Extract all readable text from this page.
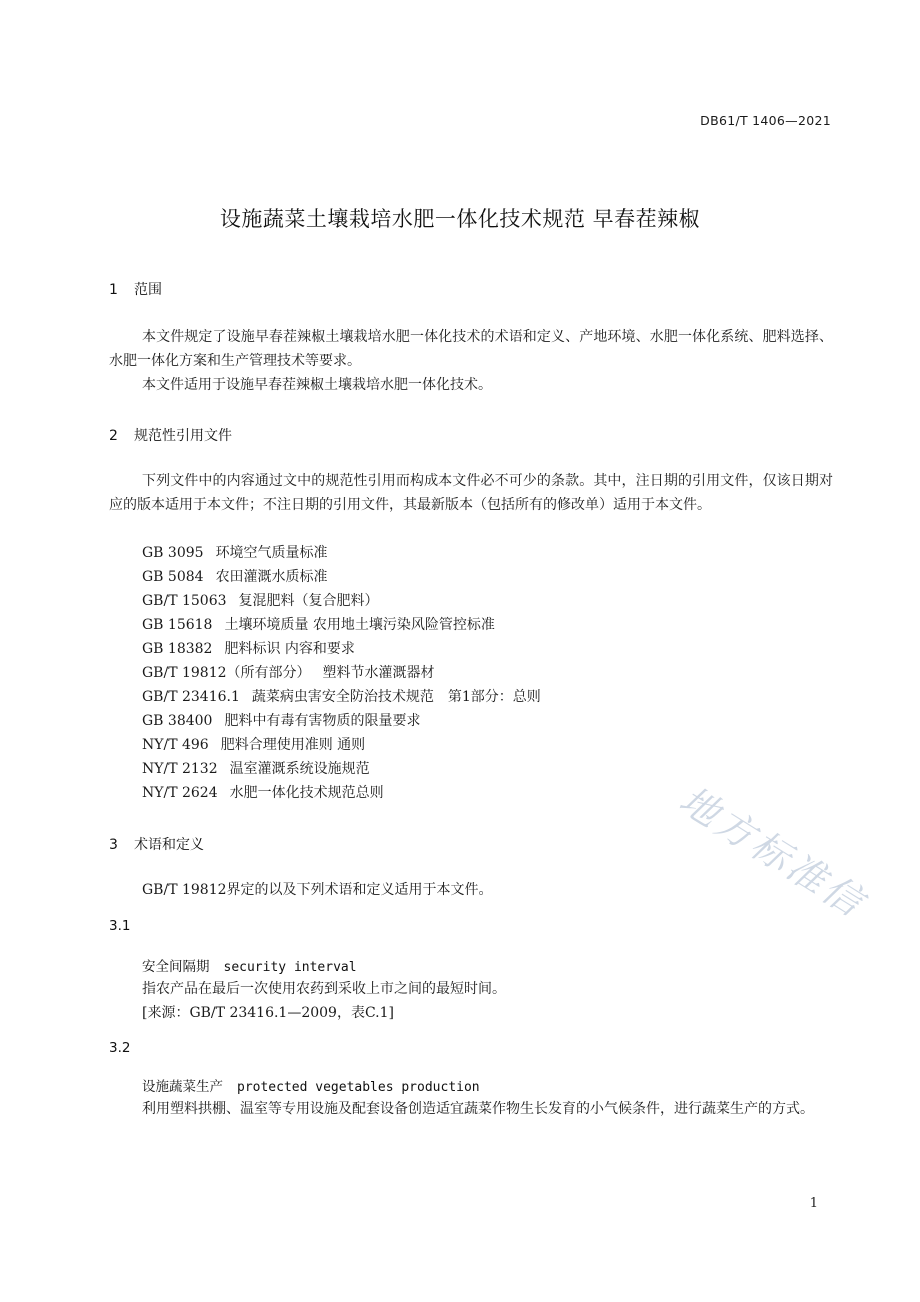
DB61/T 1406—2021
设施蔬菜土壤栽培水肥一体化技术规范 早春茬辣椒
1 范围

本文件规定了设施早春茬辣椒土壤栽培水肥一体化技术的术语和定义、产地环境、水肥一体化系统、肥料选择、水肥一体化方案和生产管理技术等要求。

本文件适用于设施早春茬辣椒土壤栽培水肥一体化技术。

2 规范性引用文件

下列文件中的内容通过文中的规范性引用而构成本文件必不可少的条款。其中，注日期的引用文件，仅该日期对应的版本适用于本文件；不注日期的引用文件，其最新版本（包括所有的修改单）适用于本文件。

GB 3095 环境空气质量标准

GB 5084 农田灌溉水质标准

GB/T 15063 复混肥料（复合肥料）

GB 15618 土壤环境质量 农用地土壤污染风险管控标准

GB 18382 肥料标识 内容和要求

GB/T 19812（所有部分） 塑料节水灌溉器材

GB/T 23416.1 蔬菜病虫害安全防治技术规范　第1部分：总则

GB 38400 肥料中有毒有害物质的限量要求

NY/T 496 肥料合理使用准则 通则

NY/T 2132 温室灌溉系统设施规范

NY/T 2624 水肥一体化技术规范总则

3 术语和定义

GB/T 19812界定的以及下列术语和定义适用于本文件。

3.1

安全间隔期 security interval

指农产品在最后一次使用农药到采收上市之间的最短时间。

[来源：GB/T 23416.1—2009，表C.1]

3.2

设施蔬菜生产 protected vegetables production

利用塑料拱棚、温室等专用设施及配套设备创造适宜蔬菜作物生长发育的小气候条件，进行蔬菜生产的方式。

1
地方标准信
